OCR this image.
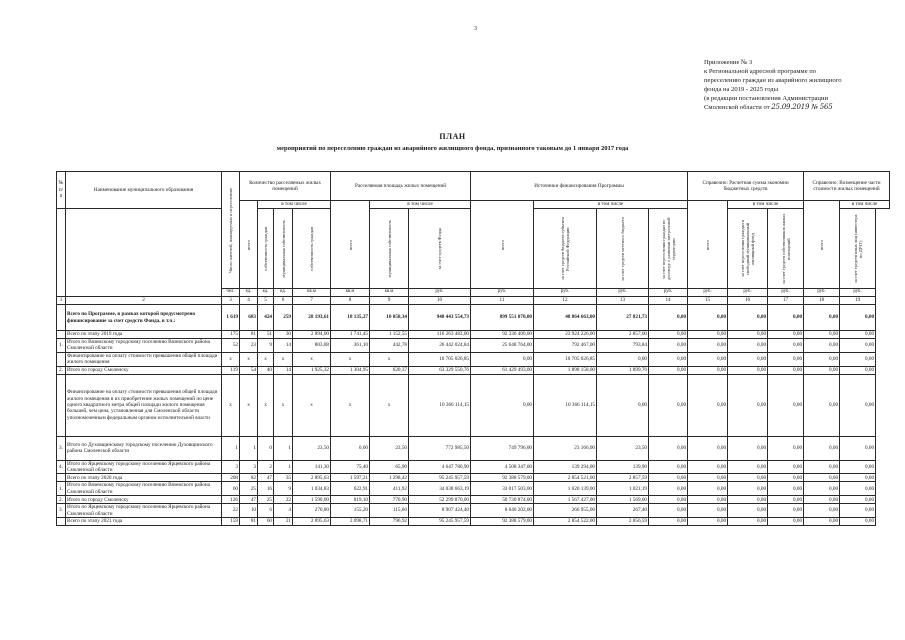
3
Приложение № 3
к Региональной адресной программе по
переселению граждан из аварийного жилищного
фонда на 2019 - 2025 годы
(в редакции постановления Администрации
Смоленской области от 25.09.2019 № 565
ПЛАН
мероприятий по переселению граждан из аварийного жилищного фонда, признанного таковым до 1 января 2017 года
№ п/п	Наименование муниципального образования	Число жителей, планируемых к переселению	Количество расселяемых жилых помещений				Расселяемая площадь жилых помещений			Источники финансирования Программы				Справочно: Расчетная сумма экономии бюджетных средств			Справочно: Возмещение части стоимости жилых помещений	

			всего	в том числе			всего	в том числе		всего	в том числе			всего	в том числе		всего	в том числе

				собственность граждан	муниципальная собственность	собственность граждан		муниципальная собственность	за счет средств Фонда		за счет средств бюджета субъекта Российской Федерации	за счет средств местного бюджета	за счет переселения граждан по договору о развитии застроенной территории		за счет переселения граждан в свободный муниципальный жилищный фонд	за счет средств собственников жилых помещений		за счет средств иных лиц (инвестора по ДРЗТ)

		чел.	ед.	ед.	ед.	кв.м	кв.м	кв.м	руб.	руб.	руб.	руб.	руб.	руб.	руб.	руб.	руб.	руб.
1	2	3	4	5	6	7	8	9	10	11	12	13	14	15	16	17	18	19
	Всего по Программе, в рамках которой предусмотрено финансирование за счет средств Фонда, в т.ч.:	1 619	683	424	259	28 193,61	18 135,27	10 058,34	948 443 554,73	899 551 070,00	48 864 663,00	27 821,73	0,00	0,00	0,00	0,00	0,00	0,00
	Всего по этапу 2019 года	175	81	51	30	2 894,00	1 741,45	1 152,55	116 263 483,00	92 336 400,00	23 924 226,00	2 857,00	0,00	0,00	0,00	0,00	0,00	0,00
1.	Итого по Вяземскому городскому поселению Вяземского района Смоленской области	52	23	9	14	803,88	361,10	442,78	26 442 024,84	25 648 764,00	792 467,00	793,84	0,00	0,00	0,00	0,00	0,00	0,00
	Финансирование на оплату стоимости превышения общей площади жилого помещения	x	x	x	x	x	x	x	10 705 026,85	0,00	10 705 026,85	0,00	0,00	0,00	0,00	0,00	0,00	0,00
2.	Итого по городу Смоленску	119	54	40	14	1 925,32	1 304,95	620,37	63 329 550,76	61 429 493,00	1 898 158,00	1 899,76	0,00	0,00	0,00	0,00	0,00	0,00
	Финансирование на оплату стоимости превышения общей площади жилого помещения в их приобретение жилых помещений по цене одного квадратного метра общей площади жилого помещения большей, чем цена, установленная для Смоленской области уполномоченным федеральным органом исполнительной власти	x	x	x	x	x	x	x	10 366 114,15	0,00	10 366 114,15	0,00	0,00	0,00	0,00	0,00	0,00	0,00
3.	Итого по Духовщинскому городскому поселению Духовщинского района Смоленской области	1	1	0	1	23,50	0,00	23,50	772 985,50	749 796,00	23 166,00	23,50	0,00	0,00	0,00	0,00	0,00	0,00
4.	Итого по Ярцевскому городскому поселению Ярцевского района Смоленской области	3	3	2	1	141,30	75,40	65,90	4 647 780,90	4 508 347,00	139 294,00	139,90	0,00	0,00	0,00	0,00	0,00	0,00
	Всего по этапу 2020 года	208	82	47	35	2 895,63	1 597,21	1 298,42	95 245 957,59	92 388 579,00	2 854 521,00	2 857,59	0,00	0,00	0,00	0,00	0,00	0,00
1.	Итого по Вяземскому городскому поселению Вяземского района Смоленской области	60	25	16	9	1 034,83	622,91	411,92	34 038 663,19	33 017 503,00	1 020 139,00	1 021,19	0,00	0,00	0,00	0,00	0,00	0,00
2.	Итого по городу Смоленску	126	47	25	22	1 590,00	819,10	770,90	52 299 870,00	50 730 874,00	1 567 427,00	1 569,00	0,00	0,00	0,00	0,00	0,00	0,00
3.	Итого по Ярцевскому городскому поселению Ярцевского района Смоленской области	22	10	6	4	270,80	155,20	115,60	8 907 424,40	8 640 202,00	266 955,00	267,40	0,00	0,00	0,00	0,00	0,00	0,00
	Всего по этапу 2021 года	159	81	60	21	2 895,63	2 098,71	796,92	95 245 957,59	92 388 579,00	2 854 522,00	2 856,59	0,00	0,00	0,00	0,00	0,00	0,00
